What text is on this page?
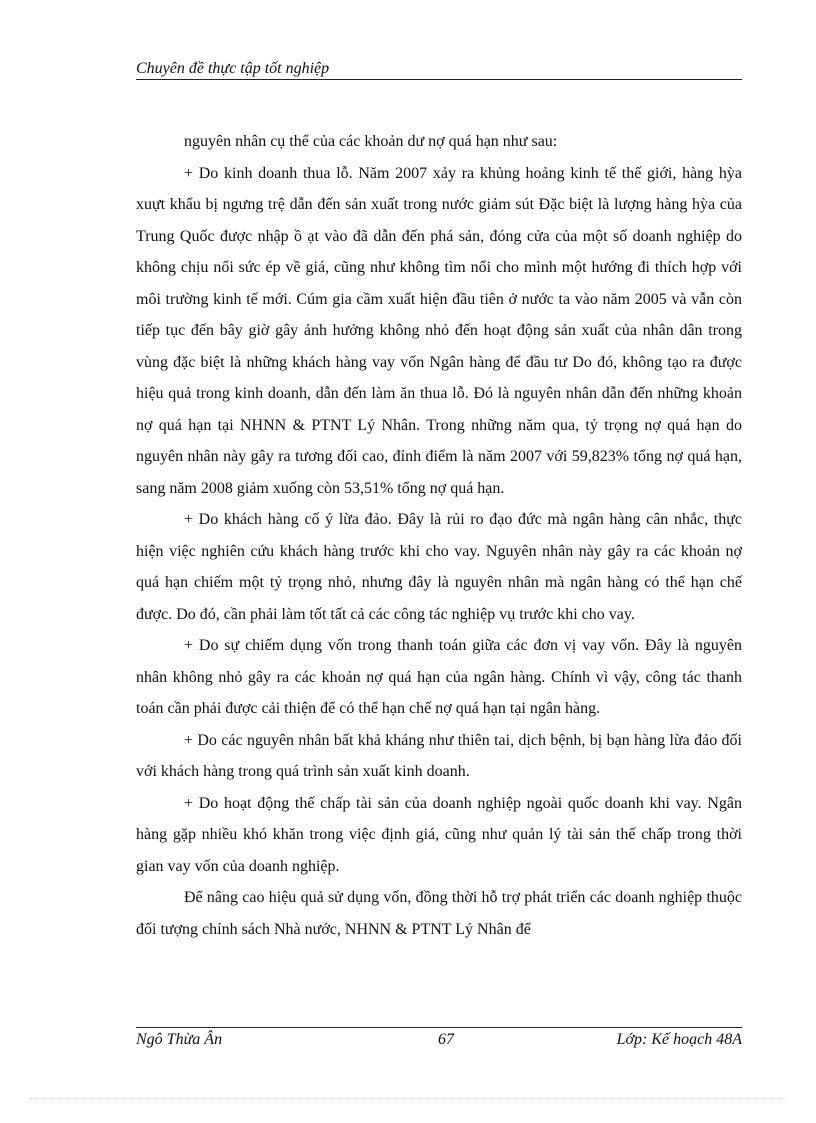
Chuyên đề thực tập tốt nghiệp

nguyên nhân cụ thể của các khoản dư nợ quá hạn như sau:

+ Do kinh doanh thua lỗ. Năm 2007 xảy ra khủng hoảng kinh tế thế giới, hàng hỳa xuựt khẩu bị ngưng trệ dẫn đến sản xuất trong nước giảm sút Đặc biệt là lượng hàng hỳa của Trung Quốc được nhập ồ ạt vào đã dẫn đến phá sản, đóng cửa của một số doanh nghiệp do không chịu nổi sức ép về giá, cũng như không tìm nổi cho mình một hướng đi thích hợp với môi trường kinh tế mới. Cúm gia cầm xuất hiện đầu tiên ở nước ta vào năm 2005 và vẫn còn tiếp tục đến bây giờ gây ảnh hưởng không nhỏ đến hoạt động sản xuất của nhân dân trong vùng đặc biệt là những khách hàng vay vốn Ngân hàng để đầu tư Do đó, không tạo ra được hiệu quả trong kinh doanh, dẫn đến làm ăn thua lỗ. Đó là nguyên nhân dẫn đến những khoản nợ quá hạn tại NHNN & PTNT Lý Nhân. Trong những năm qua, tỷ trọng nợ quá hạn do nguyên nhân này gây ra tương đối cao, đỉnh điểm là năm 2007 với 59,823% tổng nợ quá hạn, sang năm 2008 giảm xuống còn 53,51% tổng nợ quá hạn.

+ Do khách hàng cố ý lừa đảo. Đây là rủi ro đạo đức mà ngân hàng cân nhắc, thực hiện việc nghiên cứu khách hàng trước khi cho vay. Nguyên nhân này gây ra các khoản nợ quá hạn chiếm một tỷ trọng nhỏ, nhưng đây là nguyên nhân mà ngân hàng có thể hạn chế được. Do đó, cần phải làm tốt tất cả các công tác nghiệp vụ trước khi cho vay.

+ Do sự chiếm dụng vốn trong thanh toán giữa các đơn vị vay vốn. Đây là nguyên nhân không nhỏ gây ra các khoản nợ quá hạn của ngân hàng. Chính vì vậy, công tác thanh toán cần phải được cải thiện để có thể hạn chế nợ quá hạn tại ngân hàng.

+ Do các nguyên nhân bất khả kháng như thiên tai, dịch bệnh, bị bạn hàng lừa đảo đối với khách hàng trong quá trình sản xuất kinh doanh.

+ Do hoạt động thế chấp tài sản của doanh nghiệp ngoài quốc doanh khi vay. Ngân hàng gặp nhiều khó khăn trong việc định giá, cũng như quản lý tài sản thế chấp trong thời gian vay vốn của doanh nghiệp.

Để nâng cao hiệu quả sử dụng vốn, đồng thời hỗ trợ phát triển các doanh nghiệp thuộc đối tượng chính sách Nhà nước, NHNN & PTNT Lý Nhân để

Ngô Thừa Ân	67	Lớp: Kế hoạch 48A
